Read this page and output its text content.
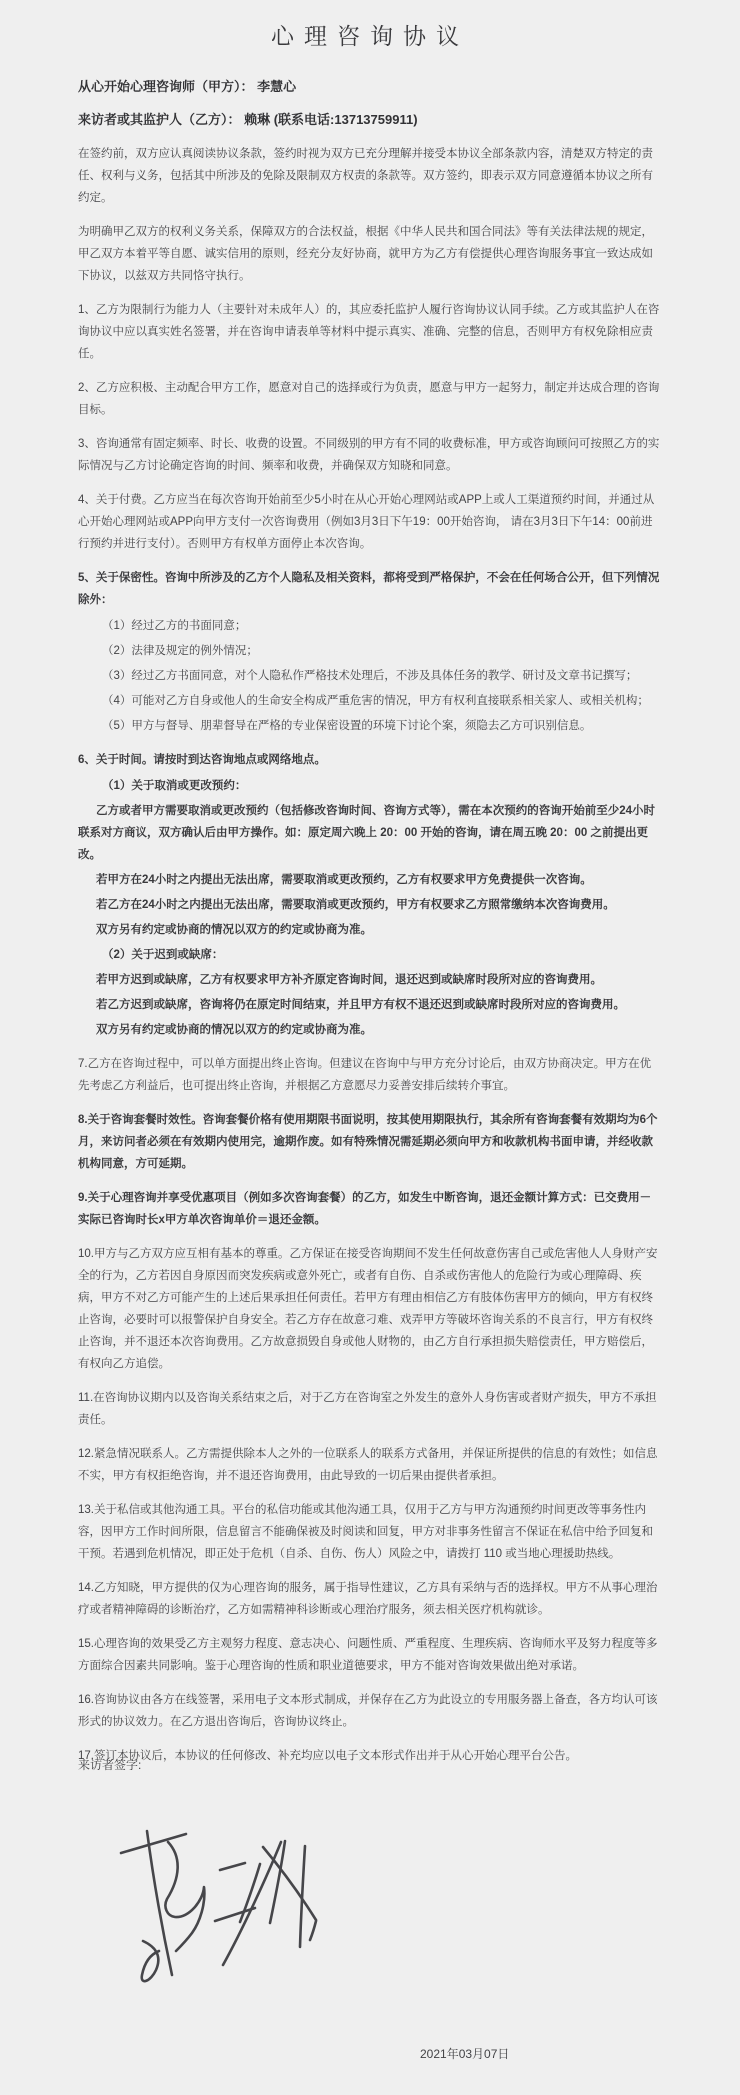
心理咨询协议

从心开始心理咨询师（甲方）： 李慧心

来访者或其监护人（乙方）： 赖琳 (联系电话:13713759911)

在签约前，双方应认真阅读协议条款，签约时视为双方已充分理解并接受本协议全部条款内容，清楚双方特定的责任、权利与义务，包括其中所涉及的免除及限制双方权责的条款等。双方签约，即表示双方同意遵循本协议之所有约定。

为明确甲乙双方的权利义务关系，保障双方的合法权益，根据《中华人民共和国合同法》等有关法律法规的规定，甲乙双方本着平等自愿、诚实信用的原则，经充分友好协商，就甲方为乙方有偿提供心理咨询服务事宜一致达成如下协议，以兹双方共同恪守执行。

1、乙方为限制行为能力人（主要针对未成年人）的，其应委托监护人履行咨询协议认同手续。乙方或其监护人在咨询协议中应以真实姓名签署，并在咨询申请表单等材料中提示真实、准确、完整的信息，否则甲方有权免除相应责任。

2、乙方应积极、主动配合甲方工作，愿意对自己的选择或行为负责，愿意与甲方一起努力，制定并达成合理的咨询目标。

3、咨询通常有固定频率、时长、收费的设置。不同级别的甲方有不同的收费标准，甲方或咨询顾问可按照乙方的实际情况与乙方讨论确定咨询的时间、频率和收费，并确保双方知晓和同意。

4、关于付费。乙方应当在每次咨询开始前至少5小时在从心开始心理网站或APP上或人工渠道预约时间，并通过从心开始心理网站或APP向甲方支付一次咨询费用（例如3月3日下午19：00开始咨询， 请在3月3日下午14：00前进行预约并进行支付）。否则甲方有权单方面停止本次咨询。

5、关于保密性。咨询中所涉及的乙方个人隐私及相关资料，都将受到严格保护，不会在任何场合公开，但下列情况除外：

（1）经过乙方的书面同意；

（2）法律及规定的例外情况；

（3）经过乙方书面同意，对个人隐私作严格技术处理后，不涉及具体任务的教学、研讨及文章书记撰写；

（4）可能对乙方自身或他人的生命安全构成严重危害的情况，甲方有权利直接联系相关家人、或相关机构；

（5）甲方与督导、朋辈督导在严格的专业保密设置的环境下讨论个案，须隐去乙方可识别信息。

6、关于时间。请按时到达咨询地点或网络地点。

（1）关于取消或更改预约：

乙方或者甲方需要取消或更改预约（包括修改咨询时间、咨询方式等），需在本次预约的咨询开始前至少24小时联系对方商议，双方确认后由甲方操作。如：原定周六晚上 20：00 开始的咨询，请在周五晚 20：00 之前提出更改。

若甲方在24小时之内提出无法出席，需要取消或更改预约，乙方有权要求甲方免费提供一次咨询。

若乙方在24小时之内提出无法出席，需要取消或更改预约，甲方有权要求乙方照常缴纳本次咨询费用。

双方另有约定或协商的情况以双方的约定或协商为准。

（2）关于迟到或缺席：

若甲方迟到或缺席，乙方有权要求甲方补齐原定咨询时间，退还迟到或缺席时段所对应的咨询费用。

若乙方迟到或缺席，咨询将仍在原定时间结束，并且甲方有权不退还迟到或缺席时段所对应的咨询费用。

双方另有约定或协商的情况以双方的约定或协商为准。

7.乙方在咨询过程中，可以单方面提出终止咨询。但建议在咨询中与甲方充分讨论后，由双方协商决定。甲方在优先考虑乙方利益后，也可提出终止咨询，并根据乙方意愿尽力妥善安排后续转介事宜。

8.关于咨询套餐时效性。咨询套餐价格有使用期限书面说明，按其使用期限执行，其余所有咨询套餐有效期均为6个月，来访问者必须在有效期内使用完，逾期作废。如有特殊情况需延期必须向甲方和收款机构书面申请，并经收款机构同意，方可延期。

9.关于心理咨询并享受优惠项目（例如多次咨询套餐）的乙方，如发生中断咨询，退还金额计算方式：已交费用－实际已咨询时长x甲方单次咨询单价＝退还金额。

10.甲方与乙方双方应互相有基本的尊重。乙方保证在接受咨询期间不发生任何故意伤害自己或危害他人人身财产安全的行为，乙方若因自身原因而突发疾病或意外死亡，或者有自伤、自杀或伤害他人的危险行为或心理障碍、疾病，甲方不对乙方可能产生的上述后果承担任何责任。若甲方有理由相信乙方有肢体伤害甲方的倾向，甲方有权终止咨询，必要时可以报警保护自身安全。若乙方存在故意刁难、戏弄甲方等破坏咨询关系的不良言行，甲方有权终止咨询，并不退还本次咨询费用。乙方故意损毁自身或他人财物的，由乙方自行承担损失赔偿责任，甲方赔偿后，有权向乙方追偿。

11.在咨询协议期内以及咨询关系结束之后，对于乙方在咨询室之外发生的意外人身伤害或者财产损失，甲方不承担责任。

12.紧急情况联系人。乙方需提供除本人之外的一位联系人的联系方式备用，并保证所提供的信息的有效性；如信息不实，甲方有权拒绝咨询，并不退还咨询费用，由此导致的一切后果由提供者承担。

13.关于私信或其他沟通工具。平台的私信功能或其他沟通工具，仅用于乙方与甲方沟通预约时间更改等事务性内容，因甲方工作时间所限，信息留言不能确保被及时阅读和回复，甲方对非事务性留言不保证在私信中给予回复和干预。若遇到危机情况，即正处于危机（自杀、自伤、伤人）风险之中，请拨打 110 或当地心理援助热线。

14.乙方知晓，甲方提供的仅为心理咨询的服务，属于指导性建议，乙方具有采纳与否的选择权。甲方不从事心理治疗或者精神障碍的诊断治疗，乙方如需精神科诊断或心理治疗服务，须去相关医疗机构就诊。

15.心理咨询的效果受乙方主观努力程度、意志决心、问题性质、严重程度、生理疾病、咨询师水平及努力程度等多方面综合因素共同影响。鉴于心理咨询的性质和职业道德要求，甲方不能对咨询效果做出绝对承诺。

16.咨询协议由各方在线签署，采用电子文本形式制成，并保存在乙方为此设立的专用服务器上备查，各方均认可该形式的协议效力。在乙方退出咨询后，咨询协议终止。

17.签订本协议后，本协议的任何修改、补充均应以电子文本形式作出并于从心开始心理平台公告。

来访者签字:

2021年03月07日
